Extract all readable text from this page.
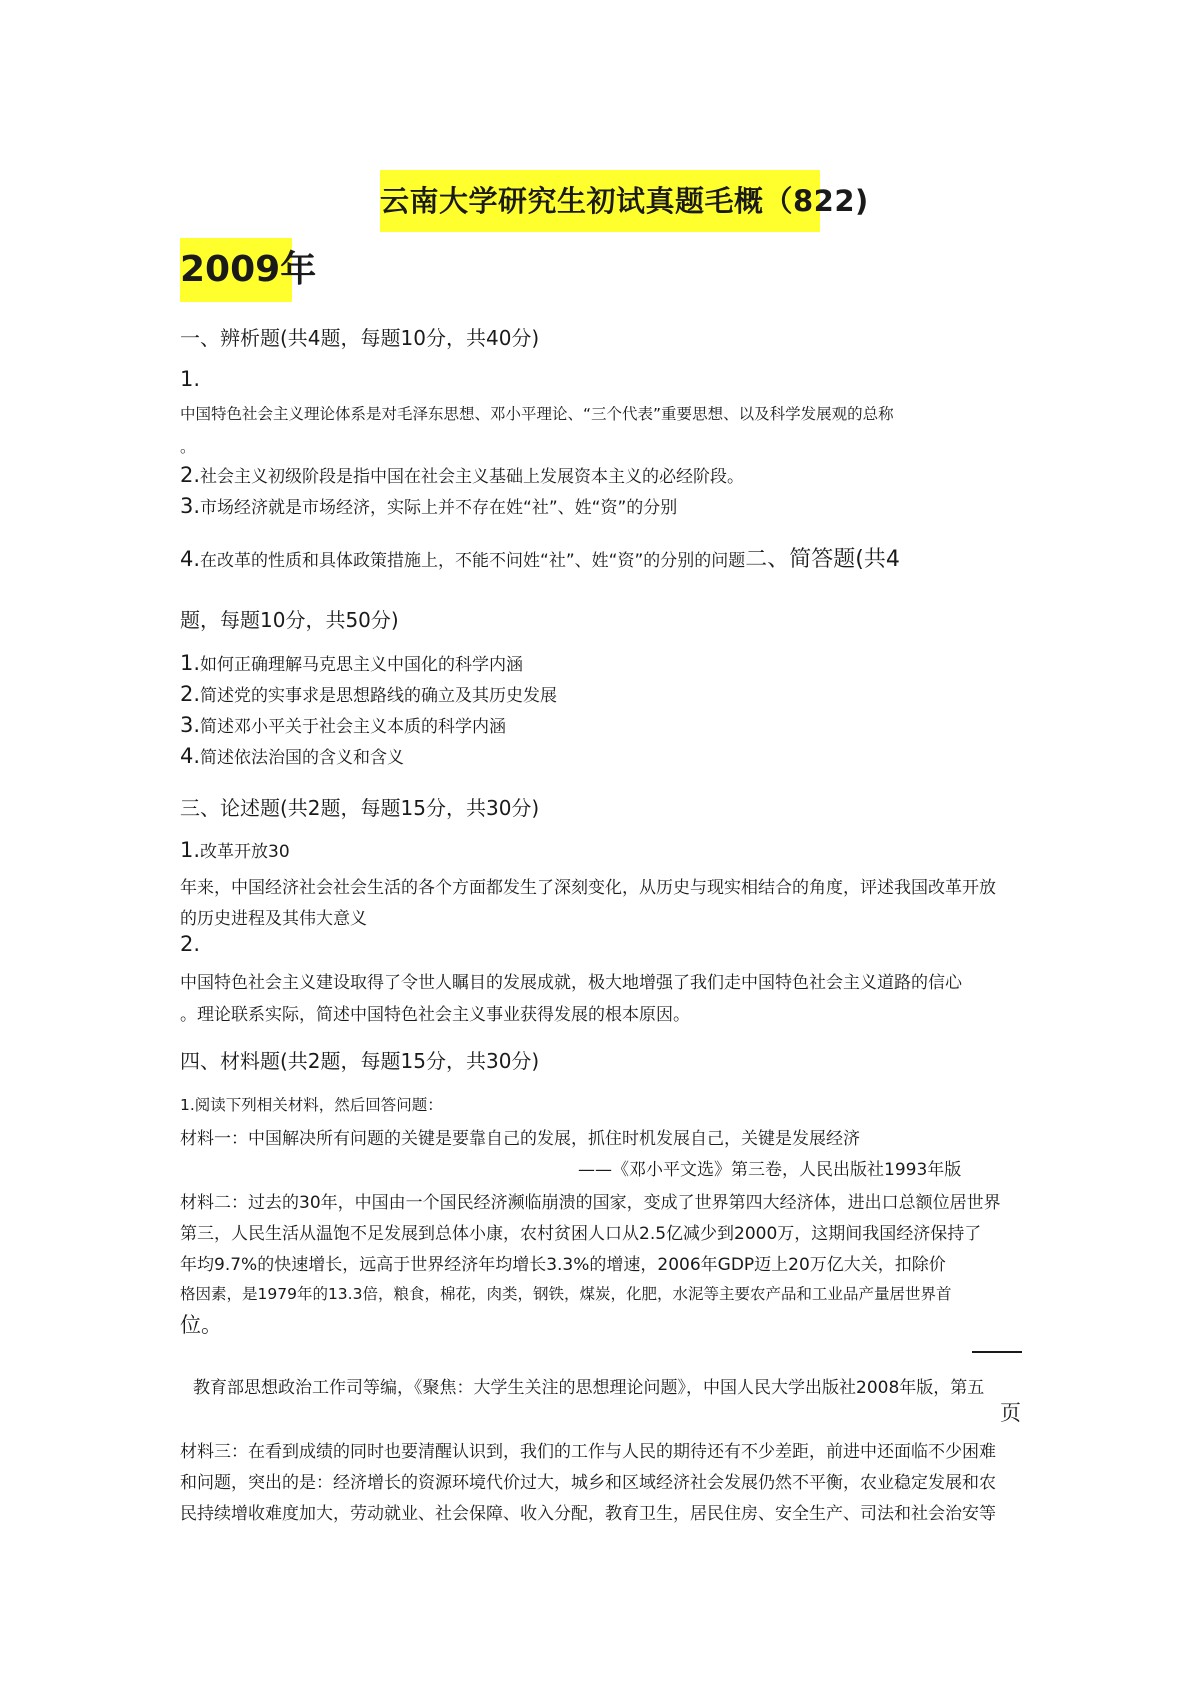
云南大学研究生初试真题毛概（822)
2009年
一、辨析题(共4题，每题10分，共40分)
1.
中国特色社会主义理论体系是对毛泽东思想、邓小平理论、“三个代表”重要思想、以及科学发展观的总称
。
2.社会主义初级阶段是指中国在社会主义基础上发展资本主义的必经阶段。
3.市场经济就是市场经济，实际上并不存在姓“社”、姓“资”的分别
4.在改革的性质和具体政策措施上，不能不问姓“社”、姓“资”的分别的问题二、简答题(共4
题，每题10分，共50分)
1.如何正确理解马克思主义中国化的科学内涵
2.简述党的实事求是思想路线的确立及其历史发展
3.简述邓小平关于社会主义本质的科学内涵
4.简述依法治国的含义和含义
三、论述题(共2题，每题15分，共30分)
1.改革开放30
年来，中国经济社会社会生活的各个方面都发生了深刻变化，从历史与现实相结合的角度，评述我国改革开放
的历史进程及其伟大意义
2.
中国特色社会主义建设取得了令世人瞩目的发展成就，极大地增强了我们走中国特色社会主义道路的信心
。理论联系实际，简述中国特色社会主义事业获得发展的根本原因。
四、材料题(共2题，每题15分，共30分)
1.阅读下列相关材料，然后回答问题：
材料一：中国解决所有问题的关键是要靠自己的发展，抓住时机发展自己，关键是发展经济
——《邓小平文选》第三卷，人民出版社1993年版
材料二：过去的30年，中国由一个国民经济濒临崩溃的国家，变成了世界第四大经济体，进出口总额位居世界
第三，人民生活从温饱不足发展到总体小康，农村贫困人口从2.5亿减少到2000万，这期间我国经济保持了
年均9.7%的快速增长，远高于世界经济年均增长3.3%的增速，2006年GDP迈上20万亿大关，扣除价
格因素，是1979年的13.3倍，粮食，棉花，肉类，钢铁，煤炭，化肥，水泥等主要农产品和工业品产量居世界首
位。
教育部思想政治工作司等编，《聚焦：大学生关注的思想理论问题》，中国人民大学出版社2008年版，第五
页
材料三：在看到成绩的同时也要清醒认识到，我们的工作与人民的期待还有不少差距，前进中还面临不少困难
和问题，突出的是：经济增长的资源环境代价过大，城乡和区域经济社会发展仍然不平衡，农业稳定发展和农
民持续增收难度加大，劳动就业、社会保障、收入分配，教育卫生，居民住房、安全生产、司法和社会治安等
